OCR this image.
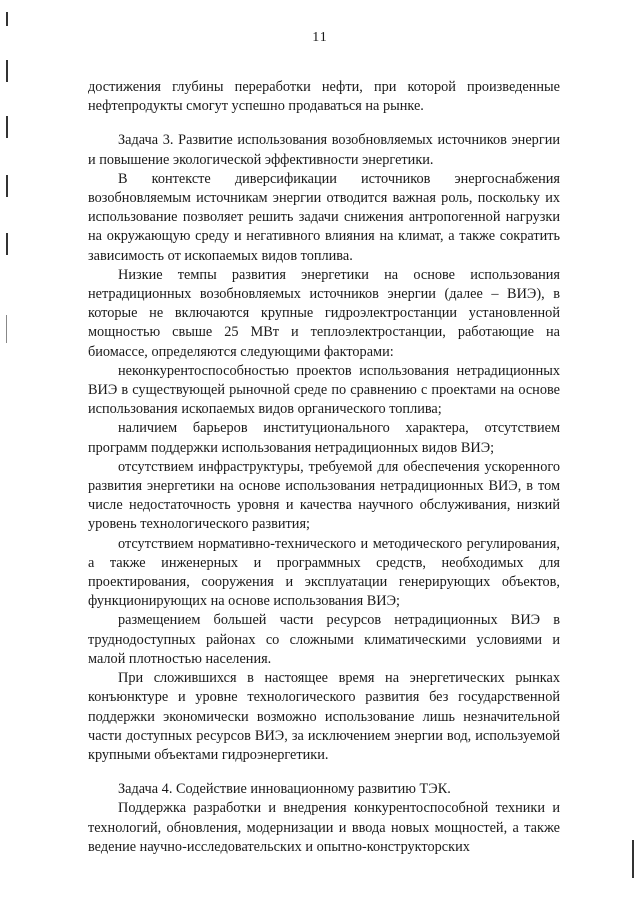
11

достижения глубины переработки нефти, при которой произведенные нефтепродукты смогут успешно продаваться на рынке.

Задача 3. Развитие использования возобновляемых источников энергии и повышение экологической эффективности энергетики.

В контексте диверсификации источников энергоснабжения возобновляемым источникам энергии отводится важная роль, поскольку их использование позволяет решить задачи снижения антропогенной нагрузки на окружающую среду и негативного влияния на климат, а также сократить зависимость от ископаемых видов топлива.

Низкие темпы развития энергетики на основе использования нетрадиционных возобновляемых источников энергии (далее – ВИЭ), в которые не включаются крупные гидроэлектростанции установленной мощностью свыше 25 МВт и теплоэлектростанции, работающие на биомассе, определяются следующими факторами:

неконкурентоспособностью проектов использования нетрадиционных ВИЭ в существующей рыночной среде по сравнению с проектами на основе использования ископаемых видов органического топлива;

наличием барьеров институционального характера, отсутствием программ поддержки использования нетрадиционных видов ВИЭ;

отсутствием инфраструктуры, требуемой для обеспечения ускоренного развития энергетики на основе использования нетрадиционных ВИЭ, в том числе недостаточность уровня и качества научного обслуживания, низкий уровень технологического развития;

отсутствием нормативно-технического и методического регулирования, а также инженерных и программных средств, необходимых для проектирования, сооружения и эксплуатации генерирующих объектов, функционирующих на основе использования ВИЭ;

размещением большей части ресурсов нетрадиционных ВИЭ в труднодоступных районах со сложными климатическими условиями и малой плотностью населения.

При сложившихся в настоящее время на энергетических рынках конъюнктуре и уровне технологического развития без государственной поддержки экономически возможно использование лишь незначительной части доступных ресурсов ВИЭ, за исключением энергии вод, используемой крупными объектами гидроэнергетики.

Задача 4. Содействие инновационному развитию ТЭК.

Поддержка разработки и внедрения конкурентоспособной техники и технологий, обновления, модернизации и ввода новых мощностей, а также ведение научно-исследовательских и опытно-конструкторских
